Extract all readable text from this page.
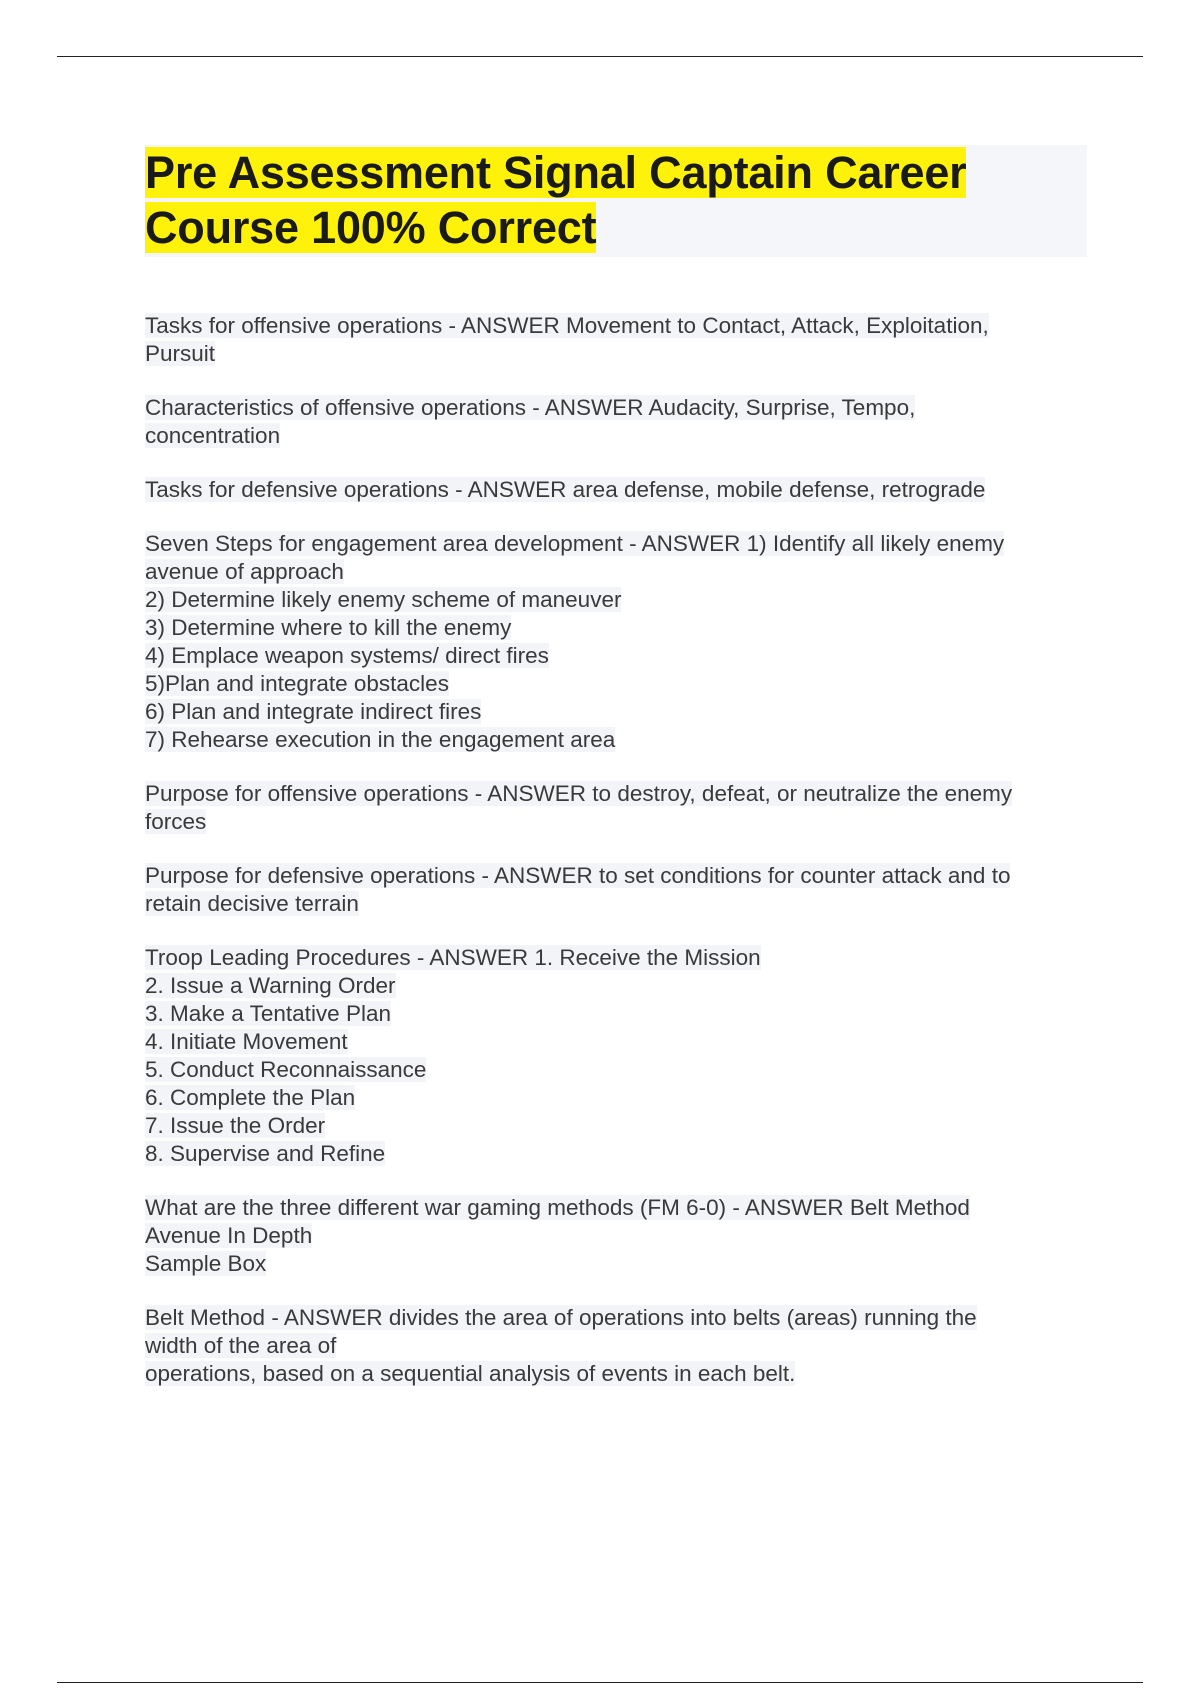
Pre Assessment Signal Captain Career
Course 100% Correct

Tasks for offensive operations - ANSWER Movement to Contact, Attack, Exploitation,
Pursuit

Characteristics of offensive operations - ANSWER Audacity, Surprise, Tempo,
concentration

Tasks for defensive operations - ANSWER area defense, mobile defense, retrograde

Seven Steps for engagement area development - ANSWER 1) Identify all likely enemy
avenue of approach
2) Determine likely enemy scheme of maneuver
3) Determine where to kill the enemy
4) Emplace weapon systems/ direct fires
5)Plan and integrate obstacles
6) Plan and integrate indirect fires
7) Rehearse execution in the engagement area

Purpose for offensive operations - ANSWER to destroy, defeat, or neutralize the enemy
forces

Purpose for defensive operations - ANSWER to set conditions for counter attack and to
retain decisive terrain

Troop Leading Procedures - ANSWER 1. Receive the Mission
2. Issue a Warning Order
3. Make a Tentative Plan
4. Initiate Movement
5. Conduct Reconnaissance
6. Complete the Plan
7. Issue the Order
8. Supervise and Refine

What are the three different war gaming methods (FM 6-0) - ANSWER Belt Method
Avenue In Depth
Sample Box

Belt Method - ANSWER divides the area of operations into belts (areas) running the
width of the area of
operations, based on a sequential analysis of events in each belt.
